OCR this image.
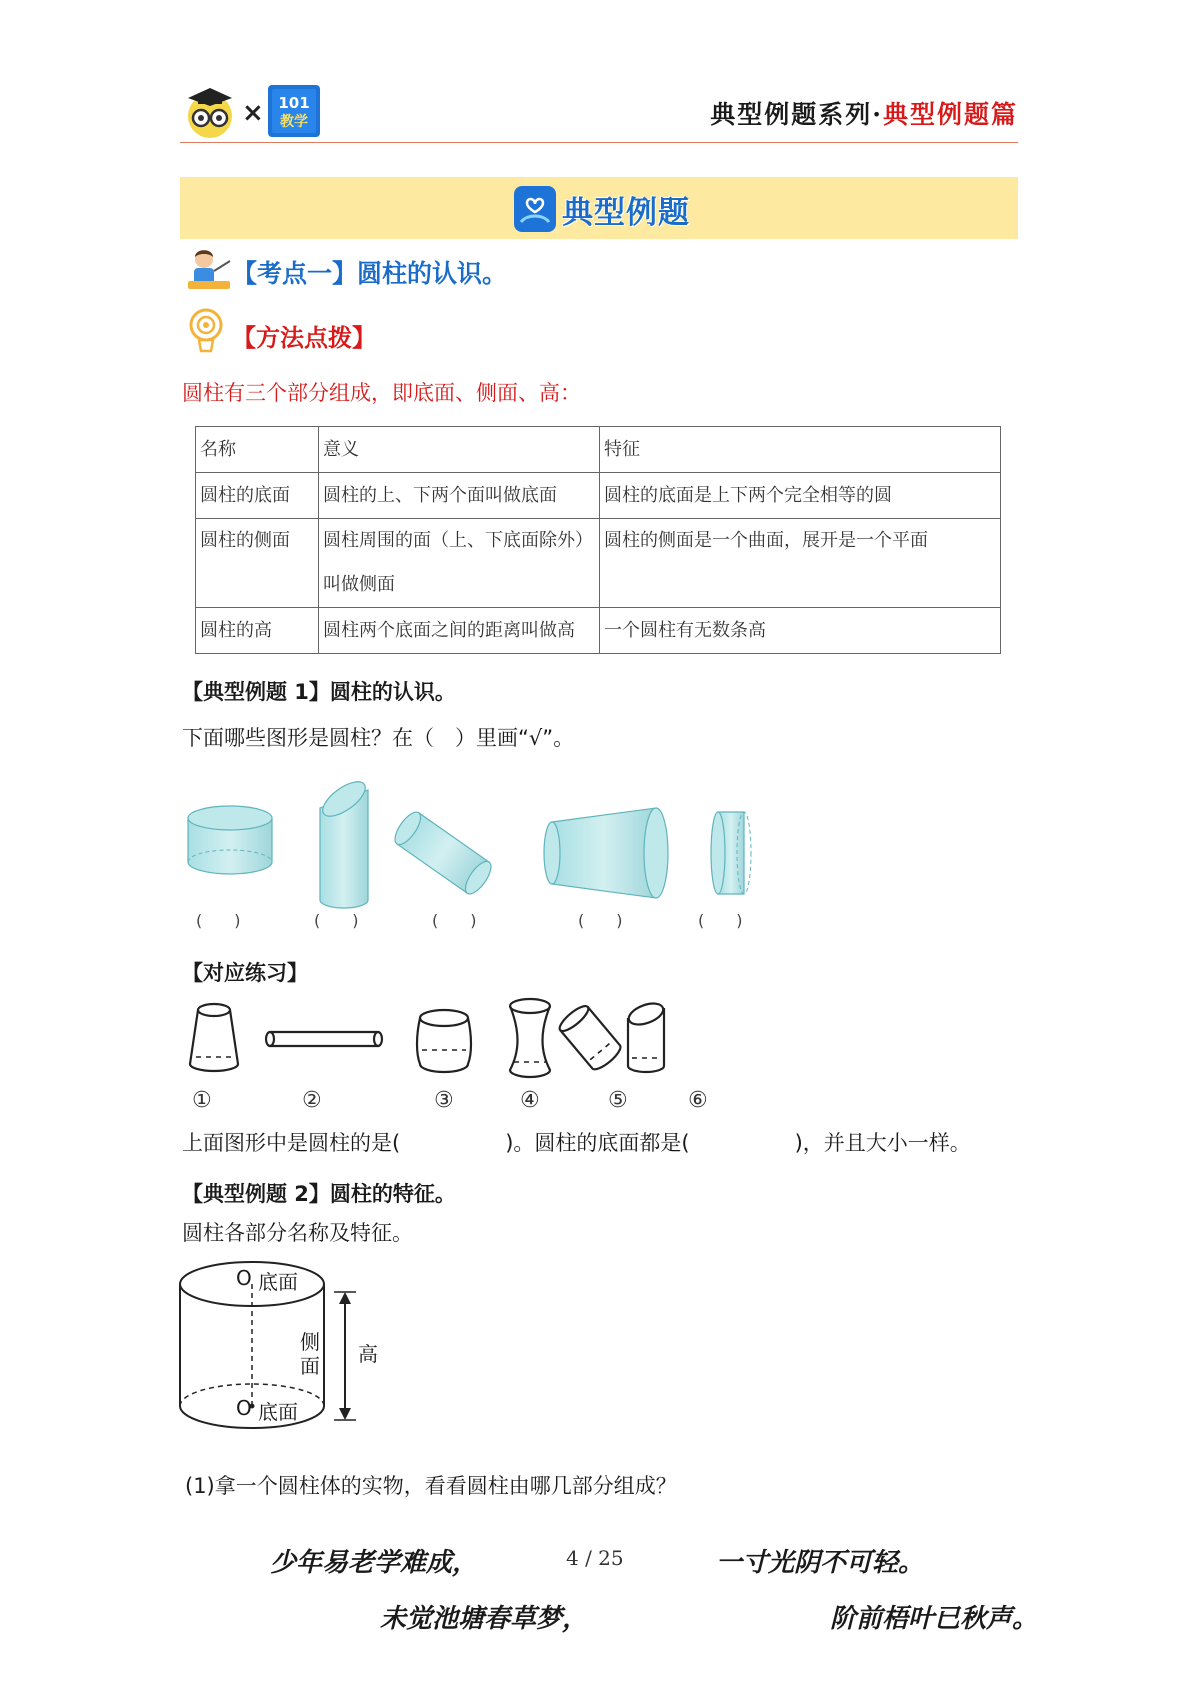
× 101
教学	典型例题系列·典型例题篇
典型例题
【考点一】圆柱的认识。
【方法点拨】
圆柱有三个部分组成，即底面、侧面、高：
名称	意义	特征
圆柱的底面	圆柱的上、下两个面叫做底面	圆柱的底面是上下两个完全相等的圆
圆柱的侧面	圆柱周围的面（上、下底面除外）叫做侧面	圆柱的侧面是一个曲面，展开是一个平面
圆柱的高	圆柱两个底面之间的距离叫做高	一个圆柱有无数条高
【典型例题 1】圆柱的认识。
下面哪些图形是圆柱？在（　）里画“√”。
(　　)	(　　)	(　　)	(　　)	(　　)
【对应练习】
①	②	③	④	⑤	⑥
上面图形中是圆柱的是(　　　　　)。圆柱的底面都是(　　　　　)，并且大小一样。
【典型例题 2】圆柱的特征。
圆柱各部分名称及特征。
O 底面
O 底面
侧
面 高
(1)拿一个圆柱体的实物，看看圆柱由哪几部分组成？
少年易老学难成，	4 / 25	一寸光阴不可轻。
未觉池塘春草梦，	阶前梧叶已秋声。
